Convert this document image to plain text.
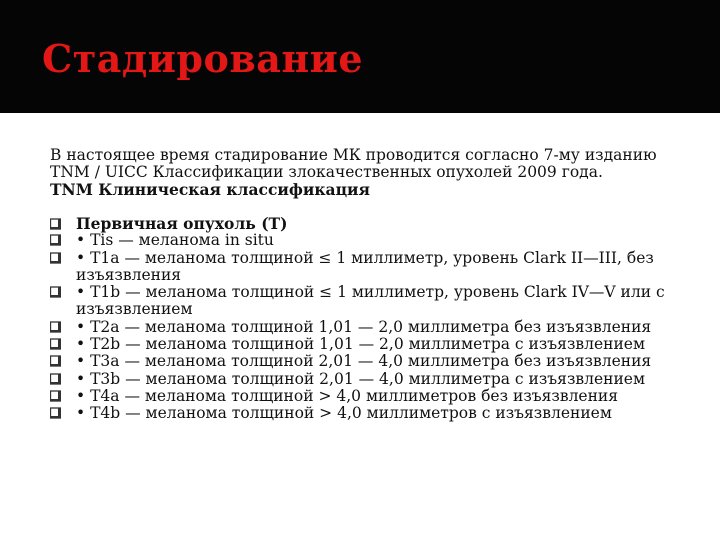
Стадирование

В настоящее время стадирование МК проводится согласно 7-му изданию

TNM / UICC Классификации злокачественных опухолей 2009 года.

TNM Клиническая классификация

Первичная опухоль (Т)
• Tis — меланома in situ
• T1a — меланома толщиной ≤ 1 миллиметр, уровень Clark II—III, без изъязвления
• T1b — меланома толщиной ≤ 1 миллиметр, уровень Clark IV—V или с изъязвлением
• T2a — меланома толщиной 1,01 — 2,0 миллиметра без изъязвления
• T2b — меланома толщиной 1,01 — 2,0 миллиметра с изъязвлением
• T3a — меланома толщиной 2,01 — 4,0 миллиметра без изъязвления
• T3b — меланома толщиной 2,01 — 4,0 миллиметра с изъязвлением
• T4a — меланома толщиной > 4,0 миллиметров без изъязвления
• T4b — меланома толщиной > 4,0 миллиметров с изъязвлением
